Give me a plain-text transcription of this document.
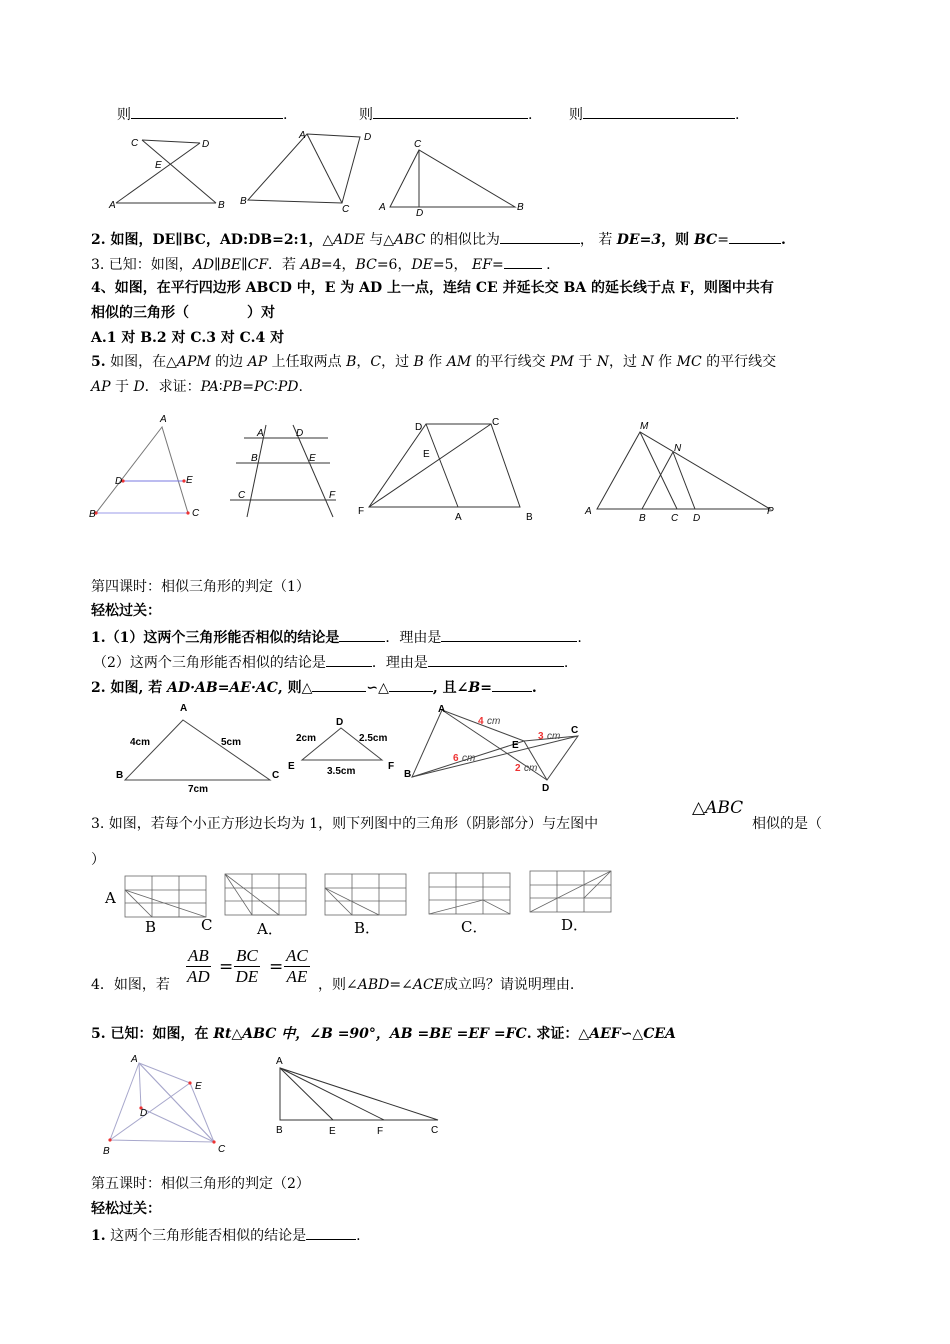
则	.	则	.	则	.
C	D
E
A	B
A	D
B
C
C
A
D
B
2. 如图，DE∥BC，AD:DB=2:1，△ADE 与△ABC 的相似比为	， 若 DE=3，则 BC=	.
3. 已知：如图，AD∥BE∥CF．若 AB=4，BC=6，DE=5， EF=	.
4、如图，在平行四边形 ABCD 中，E 为 AD 上一点，连结 CE 并延长交 BA 的延长线于点 F，则图中共有
相似的三角形（	）对
A.1 对 B.2 对 C.3 对 C.4 对
5. 如图，在△APM 的边 AP 上任取两点 B，C，过 B 作 AM 的平行线交 PM 于 N，过 N 作 MC 的平行线交
AP 于 D．求证：PA∶PB=PC∶PD.
A
D	E
B	C
A	D
B	E
C	F
D	C
E
F
A	B
M
N
A
B	C D
P
第四课时：相似三角形的判定（1）
轻松过关：
1.（1）这两个三角形能否相似的结论是	．理由是	.
（2）这两个三角形能否相似的结论是	．理由是	.
2. 如图, 若 AD·AB=AE·AC, 则△	∽△	, 且∠B=	.
A
4cm	5cm
B
7cm
C
D
2cm	2.5cm
E	3.5cm	F
A
C
E
B
D
4 cm
3 cm
6 cm
2 cm
3. 如图，若每个小正方形边长均为 1，则下列图中的三角形（阴影部分）与左图中
△ABC
相似的是（
）
A
B	C	A．	B．	C．	D．
4．如图，若 $\frac{AB}{AD} = \frac{BC}{DE} = \frac{AC}{AE}$ ，则∠ABD=∠ACE成立吗？请说明理由.
5. 已知：如图，在 Rt△ABC 中，∠B =90°，AB =BE =EF =FC. 求证：△AEF∽△CEA
A
E
D
B	C
A
B	E	F	C
第五课时：相似三角形的判定（2）
轻松过关：
1. 这两个三角形能否相似的结论是	.
